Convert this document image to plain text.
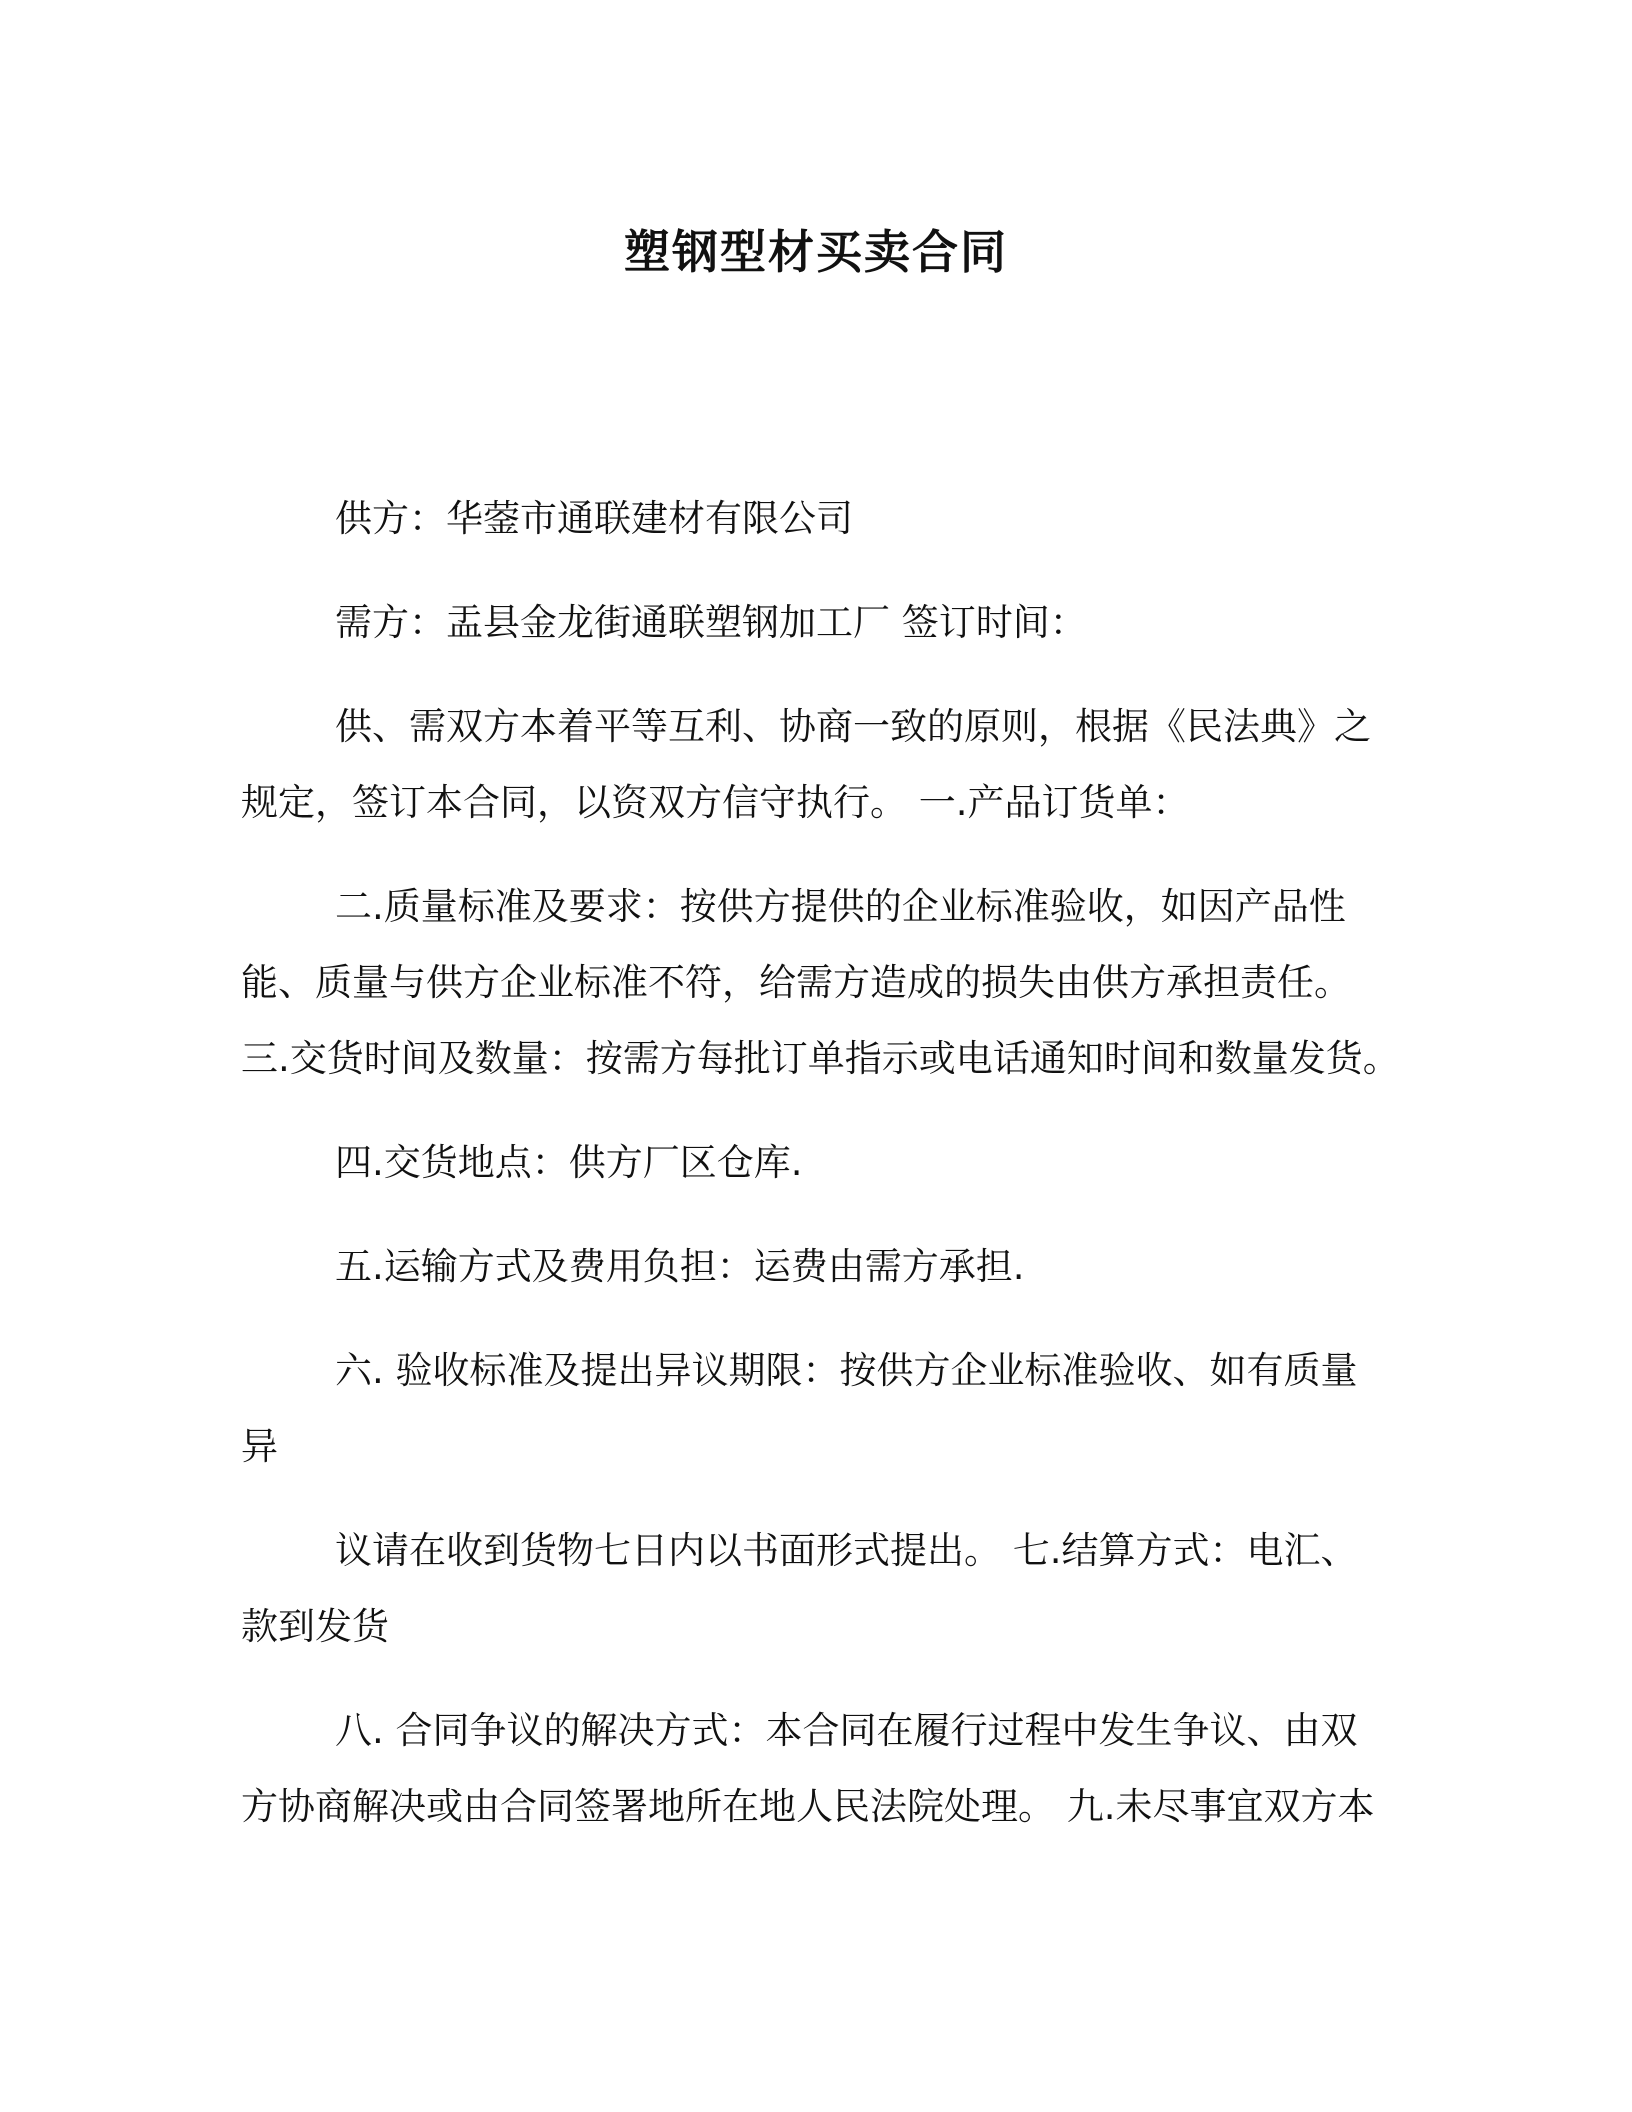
塑钢型材买卖合同
供方：华蓥市通联建材有限公司
需方：盂县金龙街通联塑钢加工厂 签订时间：
供、需双方本着平等互利、协商一致的原则，根据《民法典》之
规定，签订本合同，以资双方信守执行。 一.产品订货单：
二.质量标准及要求：按供方提供的企业标准验收，如因产品性
能、质量与供方企业标准不符，给需方造成的损失由供方承担责任。
三.交货时间及数量：按需方每批订单指示或电话通知时间和数量发货。
四.交货地点：供方厂区仓库.
五.运输方式及费用负担：运费由需方承担.
六. 验收标准及提出异议期限：按供方企业标准验收、如有质量
异
议请在收到货物七日内以书面形式提出。 七.结算方式：电汇、
款到发货
八. 合同争议的解决方式：本合同在履行过程中发生争议、由双
方协商解决或由合同签署地所在地人民法院处理。 九.未尽事宜双方本
